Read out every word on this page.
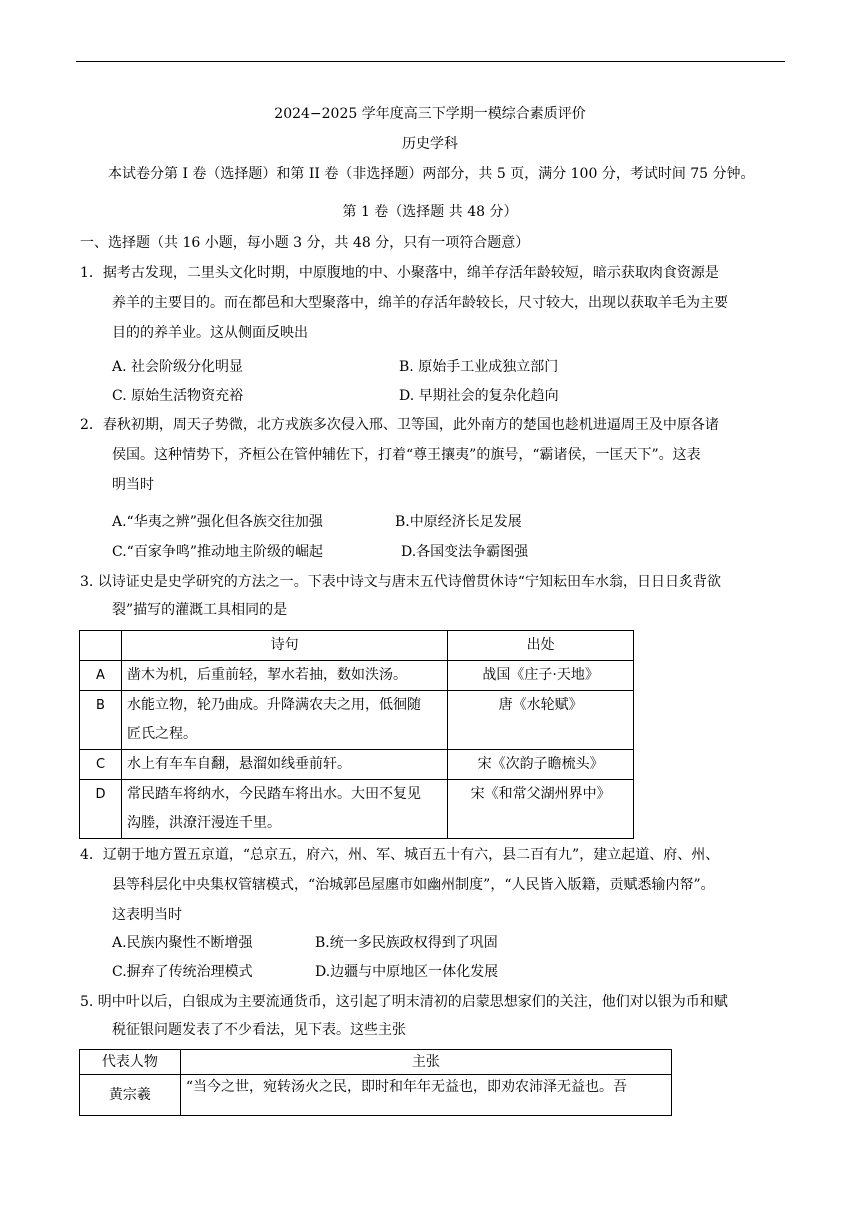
2024−2025 学年度高三下学期一模综合素质评价
历史学科
本试卷分第 I 卷（选择题）和第 II 卷（非选择题）两部分，共 5 页，满分 100 分，考试时间 75 分钟。
第 1 卷（选择题 共 48 分）
一、选择题（共 16 小题，每小题 3 分，共 48 分，只有一项符合题意）
1．据考古发现，二里头文化时期，中原腹地的中、小聚落中，绵羊存活年龄较短，暗示获取肉食资源是
养羊的主要目的。而在都邑和大型聚落中，绵羊的存活年龄较长，尺寸较大，出现以获取羊毛为主要
目的的养羊业。这从侧面反映出
A. 社会阶级分化明显	B. 原始手工业成独立部门
C. 原始生活物资充裕	D. 早期社会的复杂化趋向
2．春秋初期，周天子势微，北方戎族多次侵入邢、卫等国，此外南方的楚国也趁机进逼周王及中原各诸
侯国。这种情势下，齐桓公在管仲辅佐下，打着“尊王攘夷”的旗号，“霸诸侯，一匡天下”。这表
明当时
A.“华夷之辨”强化但各族交往加强	B.中原经济长足发展
C.“百家争鸣”推动地主阶级的崛起	D.各国变法争霸图强
3. 以诗证史是史学研究的方法之一。下表中诗文与唐末五代诗僧贯休诗“宁知耘田车水翁，日日日炙背欲
裂”描写的灌溉工具相同的是
	诗句	出处
A	凿木为机，后重前轻，挈水若抽，数如泆汤。	战国《庄子·天地》
B	水能立物，轮乃曲成。升降满农夫之用，低徊随
匠氏之程。	唐《水轮赋》
C	水上有车车自翻，悬溜如线垂前轩。	宋《次韵子瞻梳头》
D	常民踏车将纳水，今民踏车将出水。大田不复见
沟塍，洪潦汗漫连千里。	宋《和常父湖州界中》
4．辽朝于地方置五京道，“总京五，府六，州、军、城百五十有六，县二百有九”，建立起道、府、州、
县等科层化中央集权管辖模式，“治城郭邑屋廛市如幽州制度”，“人民皆入版籍，贡赋悉输内帑”。
这表明当时
A.民族内聚性不断增强	B.统一多民族政权得到了巩固
C.摒弃了传统治理模式	D.边疆与中原地区一体化发展
5. 明中叶以后，白银成为主要流通货币，这引起了明末清初的启蒙思想家们的关注，他们对以银为币和赋
税征银问题发表了不少看法，见下表。这些主张
代表人物	主张
黄宗羲	“当今之世，宛转汤火之民，即时和年年无益也，即劝农沛泽无益也。吾
